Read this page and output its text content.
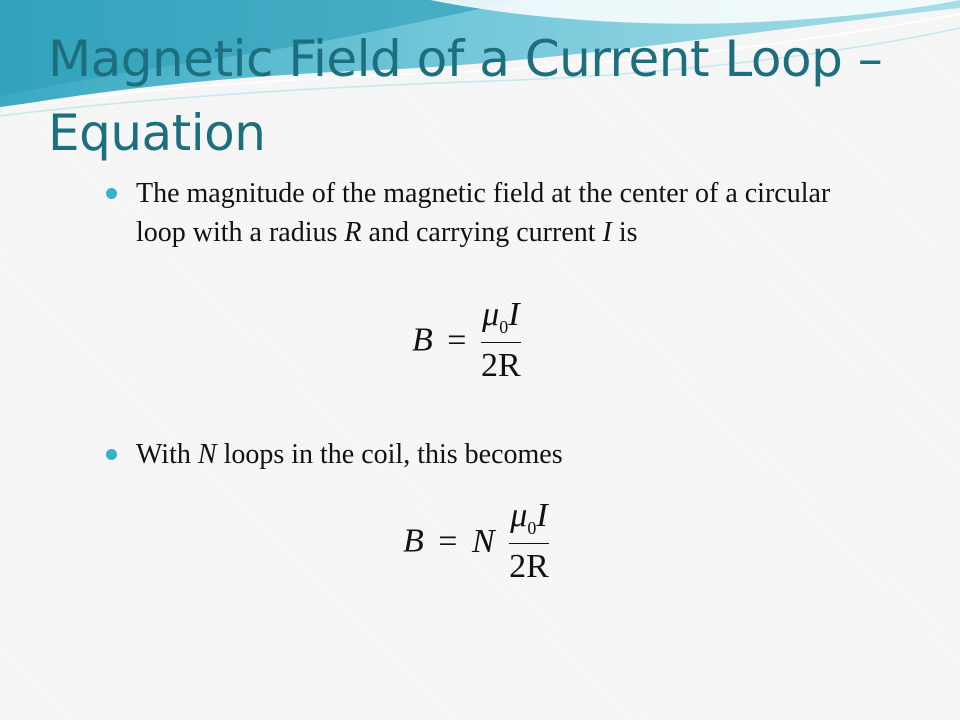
Magnetic Field of a Current Loop – Equation
The magnitude of the magnetic field at the center of a circular loop with a radius R and carrying current I is
$B = \frac{\mu_0I}{2R}$
With N loops in the coil, this becomes
B = N $\frac{\mu_0I}{2R}$
